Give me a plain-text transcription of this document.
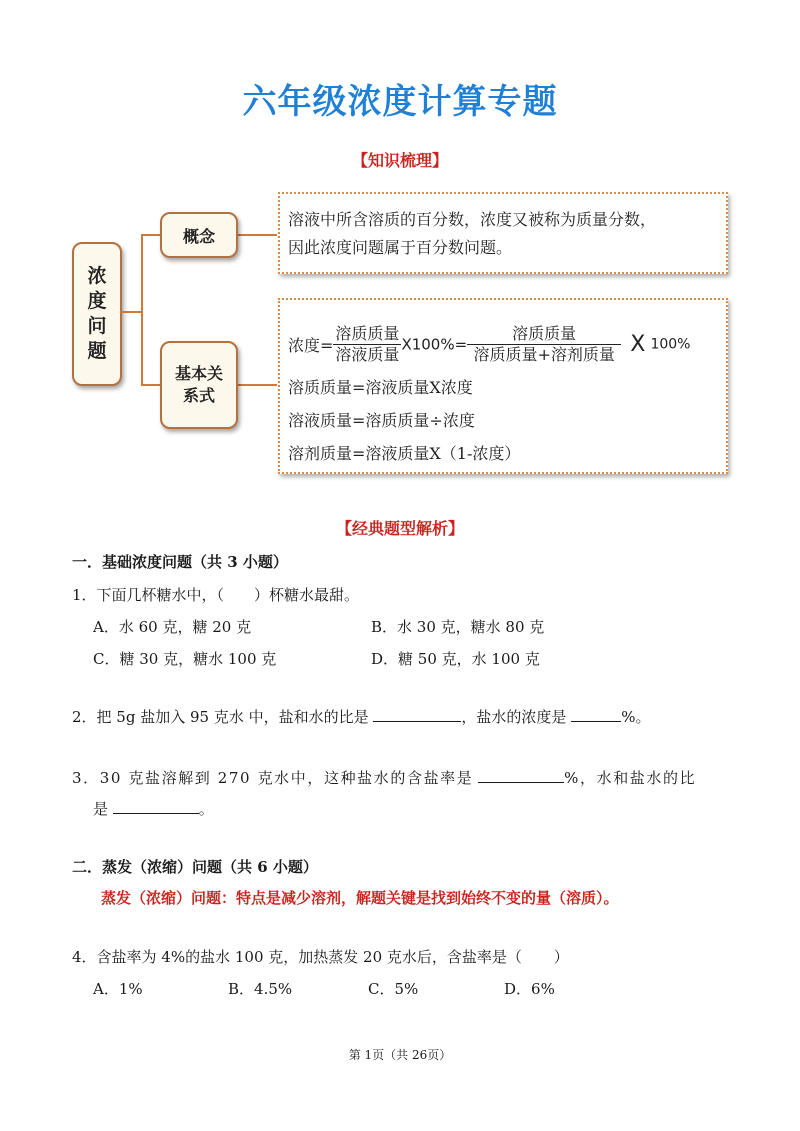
六年级浓度计算专题
【知识梳理】
浓度问题
概念
基本关系式
溶液中所含溶质的百分数，浓度又被称为质量分数，
因此浓度问题属于百分数问题。
浓度= $\frac{\text{溶质质量}}{\text{溶液质量}} X100\%= \frac{\text{溶质质量}}{\text{溶质质量+溶剂质量}}$ X 100%
溶质质量=溶液质量X浓度
溶液质量=溶质质量÷浓度
溶剂质量=溶液质量X（1-浓度）
【经典题型解析】
一．基础浓度问题（共 3 小题）
1．下面几杯糖水中，（ ）杯糖水最甜。
A．水 60 克，糖 20 克	B．水 30 克，糖水 80 克
C．糖 30 克，糖水 100 克	D．糖 50 克，水 100 克
2．把 5g 盐加入 95 克水 中，盐和水的比是	，盐水的浓度是	%。
3．30 克盐溶解到 270 克水中，这种盐水的含盐率是	%，水和盐水的比
是	。
二．蒸发（浓缩）问题（共 6 小题）
蒸发（浓缩）问题：特点是减少溶剂，解题关键是找到始终不变的量（溶质）。
4．含盐率为 4%的盐水 100 克，加热蒸发 20 克水后，含盐率是（ ）
A．1%	B．4.5%	C．5%	D．6%
第 1页（共 26页）
